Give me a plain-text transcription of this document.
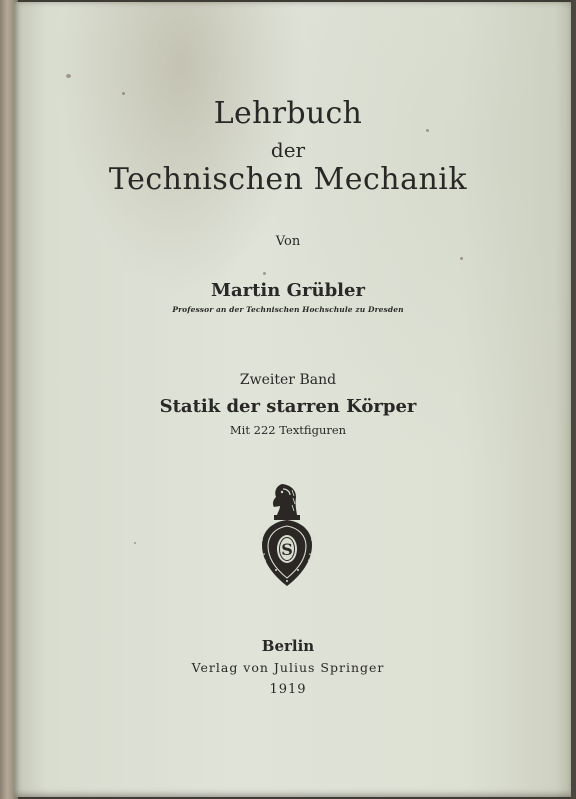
Lehrbuch
der
Technischen Mechanik
Von
Martin Grübler
Professor an der Technischen Hochschule zu Dresden
Zweiter Band
Statik der starren Körper
Mit 222 Textfiguren
S
Berlin
Verlag von Julius Springer
1919
